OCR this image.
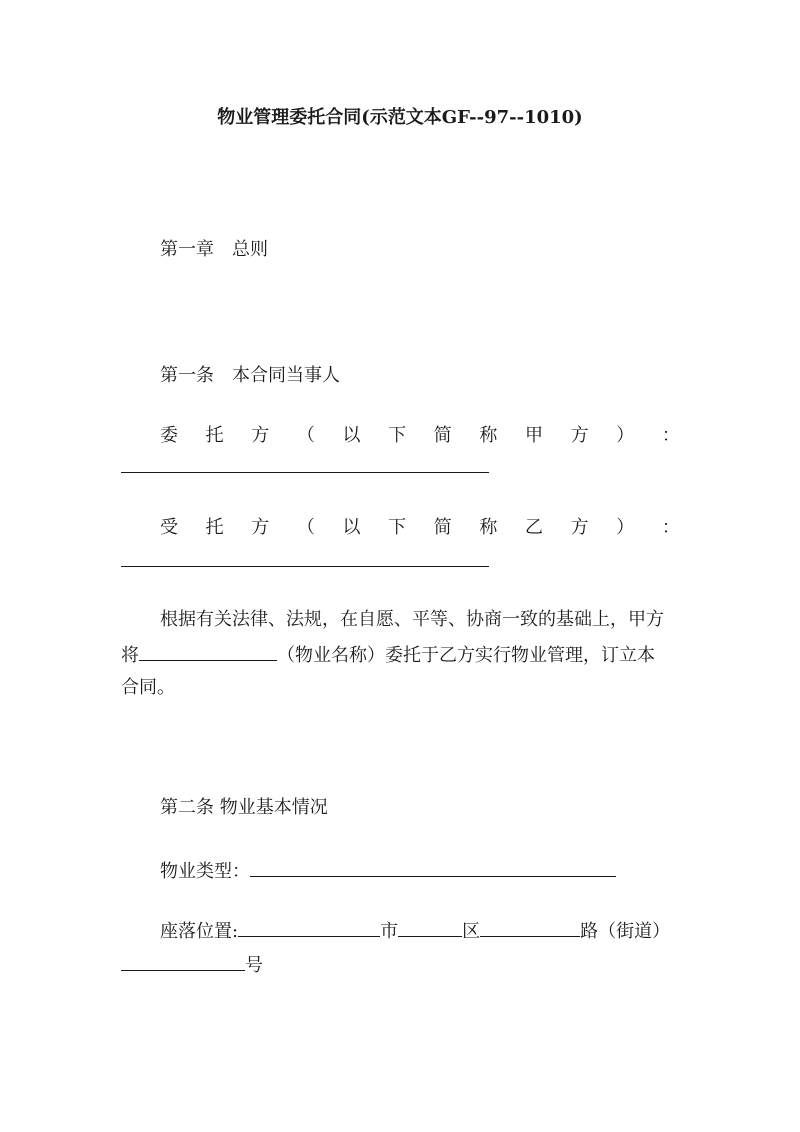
物业管理委托合同(示范文本GF--97--1010)
第一章　总则
第一条　本合同当事人
委 托 方 （ 以 下 简 称 甲 方 ） ：
受 托 方 （ 以 下 简 称 乙 方 ） ：
根据有关法律、法规，在自愿、平等、协商一致的基础上，甲方
将	（物业名称）委托于乙方实行物业管理，订立本
合同。
第二条 物业基本情况
物业类型：
座落位置:	市	区	路（街道）
号
